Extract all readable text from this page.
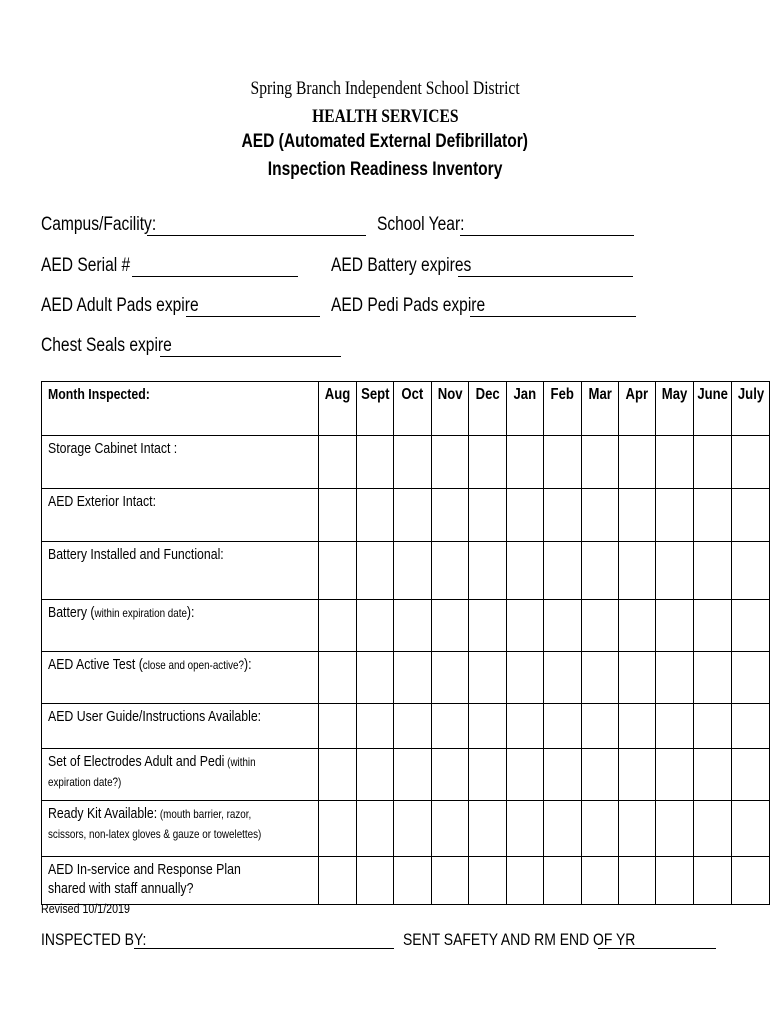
Spring Branch Independent School District
HEALTH SERVICES
AED (Automated External Defibrillator)
Inspection Readiness Inventory
Campus/Facility:	School Year:
AED Serial #	AED Battery expires
AED Adult Pads expire	AED Pedi Pads expire
Chest Seals expire
Month Inspected:	Aug	Sept	Oct	Nov	Dec	Jan	Feb	Mar	Apr	May	June	July

Storage Cabinet Intact :												

AED Exterior Intact:												

Battery Installed and Functional:												

Battery (within expiration date):												

AED Active Test (close and open-active?):												

AED User Guide/Instructions Available:												

Set of Electrodes Adult and Pedi (within expiration date?)												

Ready Kit Available: (mouth barrier, razor, scissors, non-latex gloves & gauze or towelettes)												

AED In-service and Response Plan shared with staff annually?												

Revised 10/1/2019
INSPECTED BY:	SENT SAFETY AND RM END OF YR
